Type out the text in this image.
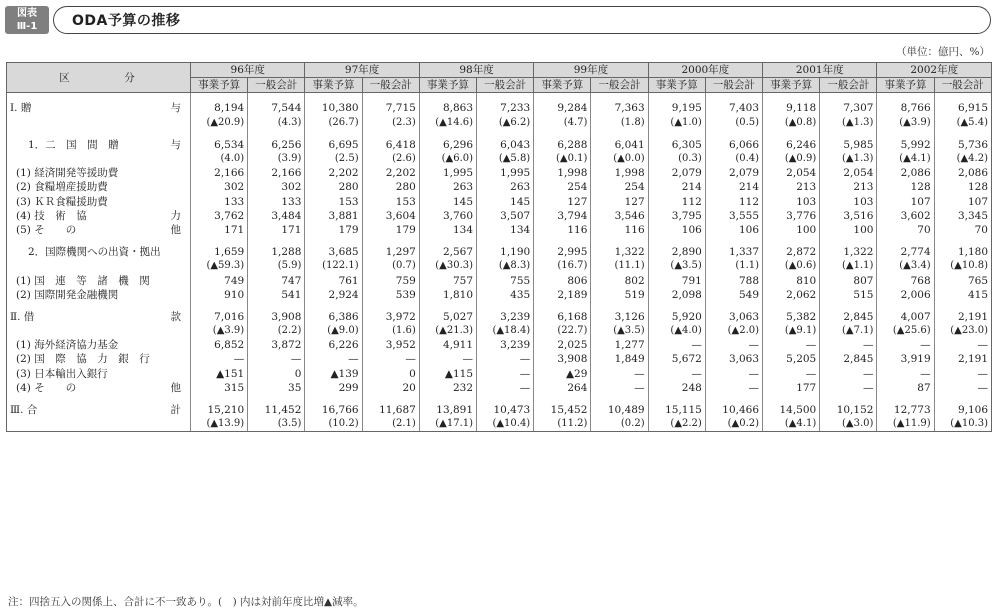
図表
Ⅲ-1 ODA予算の推移
（単位：億円、%）
区　分	96年度		97年度		98年度		99年度		2000年度		2001年度		2002年度	
	事業予算	一般会計	事業予算	一般会計	事業予算	一般会計	事業予算	一般会計	事業予算	一般会計	事業予算	一般会計	事業予算	一般会計

Ⅰ. 贈 与	8,194	7,544	10,380	7,715	8,863	7,233	9,284	7,363	9,195	7,403	9,118	7,307	8,766	6,915

	(▲20.9)	(4.3)	(26.7)	(2.3)	(▲14.6)	(▲6.2)	(4.7)	(1.8)	(▲1.0)	(0.5)	(▲0.8)	(▲1.3)	(▲3.9)	(▲5.4)

1．二　国　間　贈 与	6,534	6,256	6,695	6,418	6,296	6,043	6,288	6,041	6,305	6,066	6,246	5,985	5,992	5,736

	(4.0)	(3.9)	(2.5)	(2.6)	(▲6.0)	(▲5.8)	(▲0.1)	(▲0.0)	(0.3)	(0.4)	(▲0.9)	(▲1.3)	(▲4.1)	(▲4.2)

(1) 経済開発等援助費	2,166	2,166	2,202	2,202	1,995	1,995	1,998	1,998	2,079	2,079	2,054	2,054	2,086	2,086

(2) 食糧増産援助費	302	302	280	280	263	263	254	254	214	214	213	213	128	128

(3) ＫＲ食糧援助費	133	133	153	153	145	145	127	127	112	112	103	103	107	107

(4) 技　術　協 力	3,762	3,484	3,881	3,604	3,760	3,507	3,794	3,546	3,795	3,555	3,776	3,516	3,602	3,345

(5) そ　　の 他	171	171	179	179	134	134	116	116	106	106	100	100	70	70

2．国際機関への出資・拠出	1,659	1,288	3,685	1,297	2,567	1,190	2,995	1,322	2,890	1,337	2,872	1,322	2,774	1,180

	(▲59.3)	(5.9)	(122.1)	(0.7)	(▲30.3)	(▲8.3)	(16.7)	(11.1)	(▲3.5)	(1.1)	(▲0.6)	(▲1.1)	(▲3.4)	(▲10.8)

(1) 国　連　等　諸　機　関	749	747	761	759	757	755	806	802	791	788	810	807	768	765

(2) 国際開発金融機関	910	541	2,924	539	1,810	435	2,189	519	2,098	549	2,062	515	2,006	415

Ⅱ. 借 款	7,016	3,908	6,386	3,972	5,027	3,239	6,168	3,126	5,920	3,063	5,382	2,845	4,007	2,191

	(▲3.9)	(2.2)	(▲9.0)	(1.6)	(▲21.3)	(▲18.4)	(22.7)	(▲3.5)	(▲4.0)	(▲2.0)	(▲9.1)	(▲7.1)	(▲25.6)	(▲23.0)

(1) 海外経済協力基金	6,852	3,872	6,226	3,952	4,911	3,239	2,025	1,277	—	—	—	—	—	—

(2) 国　際　協　力　銀　行	—	—	—	—	—	—	3,908	1,849	5,672	3,063	5,205	2,845	3,919	2,191

(3) 日本輸出入銀行	▲151	0	▲139	0	▲115	—	▲29	—	—	—	—	—	—	—

(4) そ　　の 他	315	35	299	20	232	—	264	—	248	—	177	—	87	—

Ⅲ. 合 計	15,210	11,452	16,766	11,687	13,891	10,473	15,452	10,489	15,115	10,466	14,500	10,152	12,773	9,106

	(▲13.9)	(3.5)	(10.2)	(2.1)	(▲17.1)	(▲10.4)	(11.2)	(0.2)	(▲2.2)	(▲0.2)	(▲4.1)	(▲3.0)	(▲11.9)	(▲10.3)
注：四捨五入の関係上、合計に不一致あり。(　) 内は対前年度比増▲減率。
